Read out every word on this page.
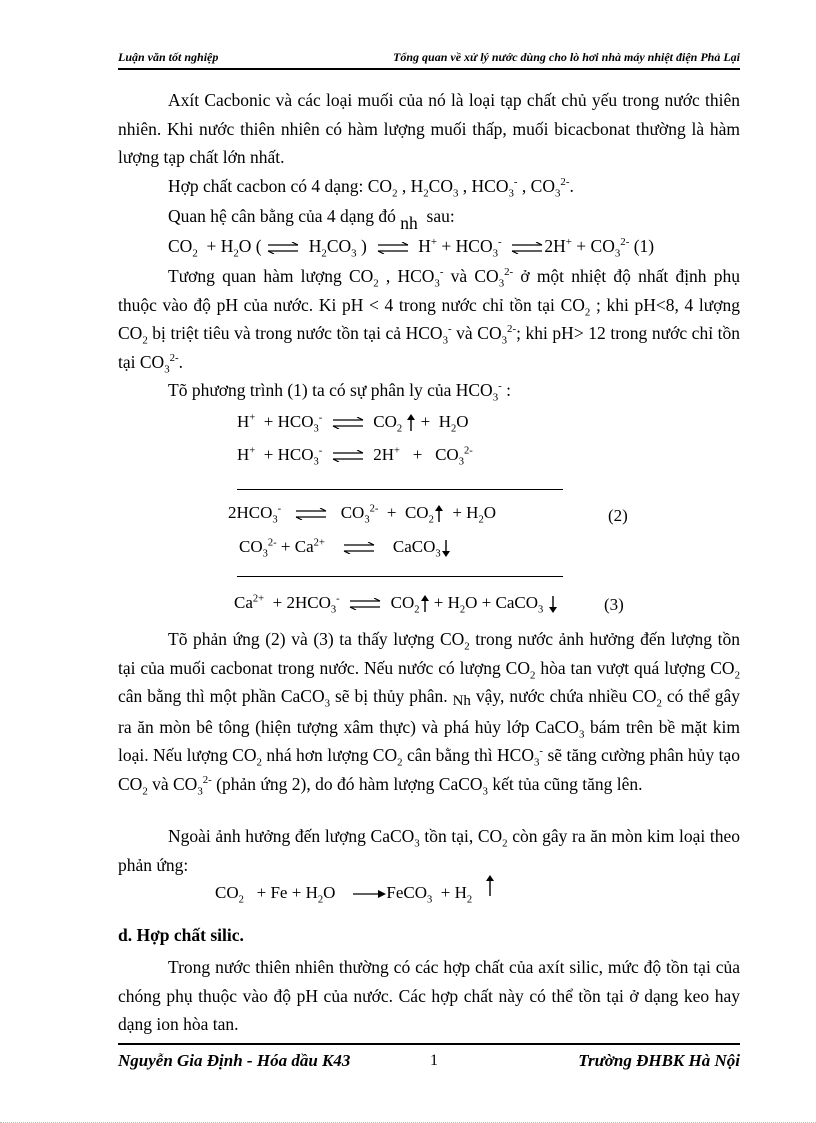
Luận văn tốt nghiệp	Tổng quan về xử lý nước dùng cho lò hơi nhà máy nhiệt điện Phả Lại
Axít Cacbonic và các loại muối của nó là loại tạp chất chủ yếu trong nước thiên nhiên. Khi nước thiên nhiên có hàm lượng muối thấp, muối bicacbonat thường là hàm lượng tạp chất lớn nhất.
Hợp chất cacbon có 4 dạng: $CO_2$ , $H_2CO_3$ , $HCO_3^-$ , $CO_3^{2-}$.
Quan hệ cân bằng của 4 dạng đó nh sau:
$CO_2 + H_2O$ ( ⇌ $H_2CO_3$ ) ⇌ $H^+ + HCO_3^-$ ⇌2H+ + $CO_3^{2-}$ (1)
Tương quan hàm lượng $CO_2$ , $HCO_3^-$ và $CO_3^{2-}$ ở một nhiệt độ nhất định phụ thuộc vào độ pH của nước. Ki pH < 4 trong nước chỉ tồn tại $CO_2$ ; khi pH<8, 4 lượng $CO_2$ bị triệt tiêu và trong nước tồn tại cả $HCO_3^-$ và $CO_3^{2-}$; khi pH> 12 trong nước chỉ tồn tại $CO_3^{2-}$.
Tõ phương trình (1) ta có sự phân ly của $HCO_3^-$ :
$H^+ + HCO_3^-$ ⇌ $CO_2 + H_2O$
$H^+ + HCO_3^-$ ⇌ $2H^+ + CO_3^{2-}$
$2HCO_3^-$ ⇌ $CO_3^{2-} + CO_2 + H_2O$	(2)
$CO_3^{2-} + Ca^{2+}$ ⇌ CaCO$_3$
$Ca^{2+} + 2HCO_3^-$ ⇌ $CO_2 + H_2O$ + CaCO$_3$	(3)
Tõ phản ứng (2) và (3) ta thấy lượng $CO_2$ trong nước ảnh hưởng đến lượng tồn tại của muối cacbonat trong nước. Nếu nước có lượng $CO_2$ hòa tan vượt quá lượng $CO_2$ cân bằng thì một phần CaCO$_3$ sẽ bị thủy phân. Nh vậy, nước chứa nhiều $CO_2$ có thể gây ra ăn mòn bê tông (hiện tượng xâm thực) và phá hủy lớp CaCO$_3$ bám trên bề mặt kim loại. Nếu lượng $CO_2$ nhá hơn lượng $CO_2$ cân bằng thì $HCO_3^-$ sẽ tăng cường phân hủy tạo $CO_2$ và $CO_3^{2-}$ (phản ứng 2), do đó hàm lượng CaCO$_3$ kết tủa cũng tăng lên.
Ngoài ảnh hưởng đến lượng CaCO$_3$ tồn tại, $CO_2$ còn gây ra ăn mòn kim loại theo phản ứng:
$CO_2 + Fe + H_2O$ →FeCO$_3$  + $H_2$
d. Hợp chất silic.
Trong nước thiên nhiên thường có các hợp chất của axít silic, mức độ tồn tại của chóng phụ thuộc vào độ pH của nước. Các hợp chất này có thể tồn tại ở dạng keo hay dạng ion hòa tan.
Nguyễn Gia Định - Hóa dầu K43	1	Trường ĐHBK Hà Nội
